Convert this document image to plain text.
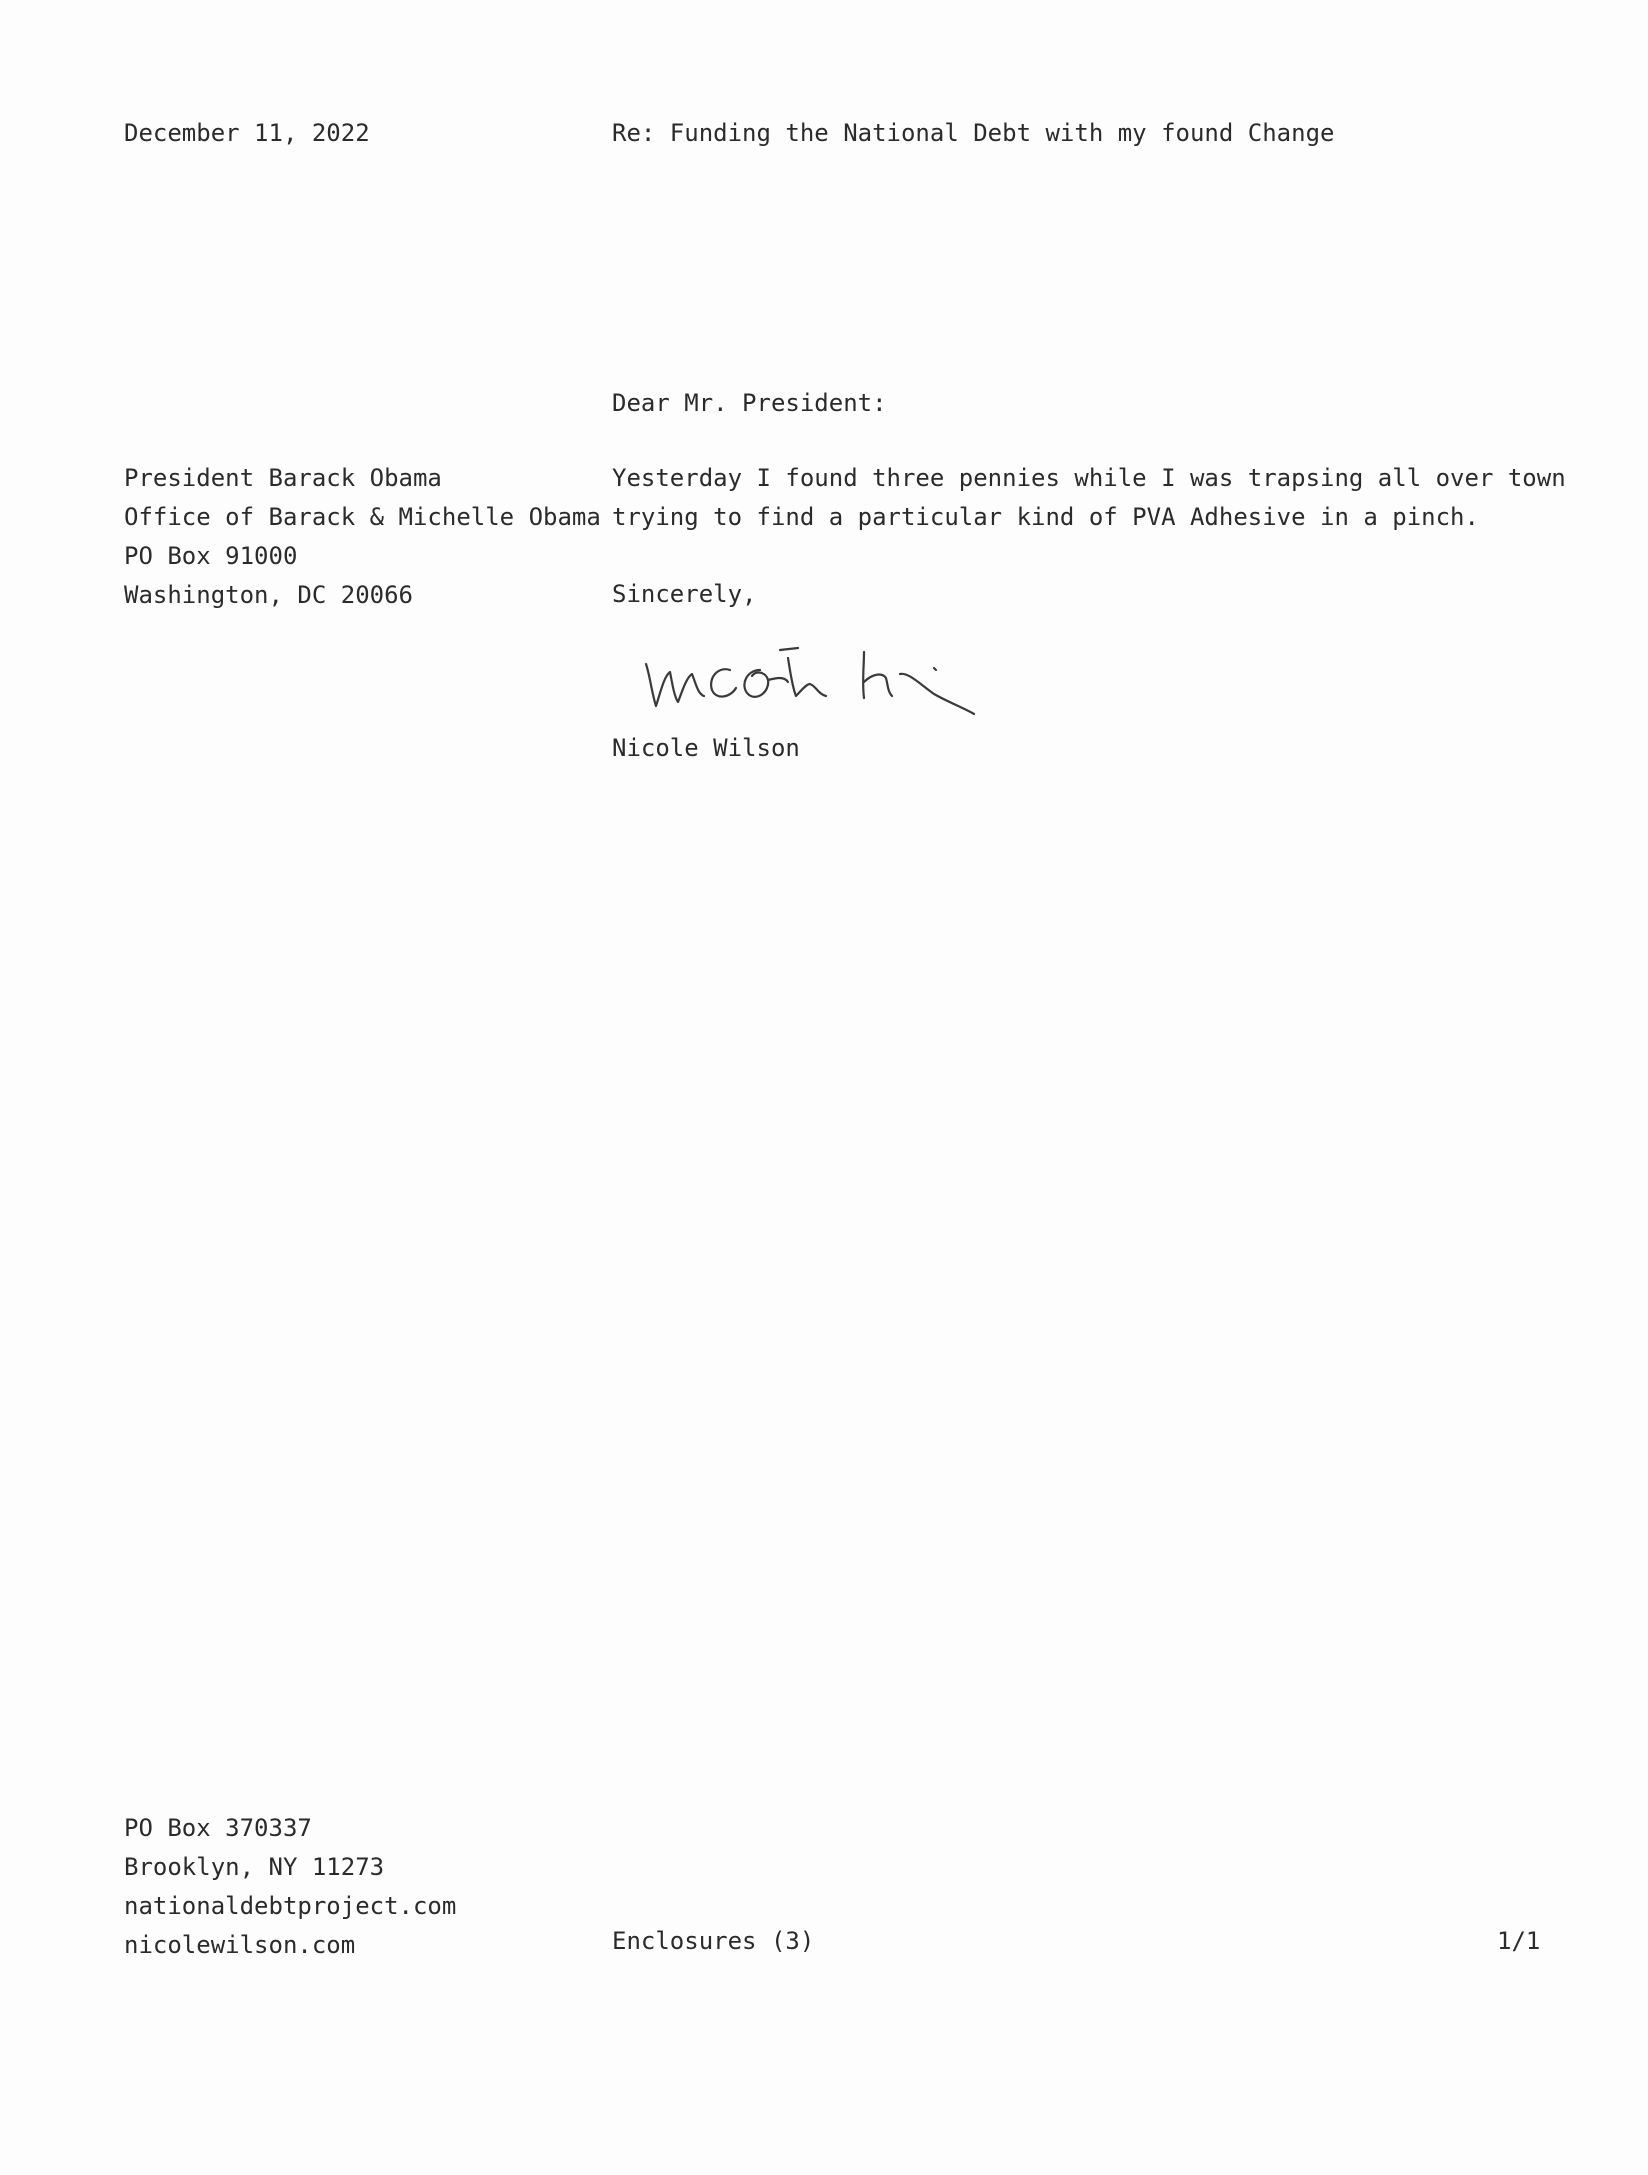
December 11, 2022	Re: Funding the National Debt with my found Change
Dear Mr. President:
President Barack Obama
Office of Barack & Michelle Obama
PO Box 91000
Washington, DC 20066
Yesterday I found three pennies while I was trapsing all over town
trying to find a particular kind of PVA Adhesive in a pinch.
Sincerely,
Nicole Wilson
PO Box 370337
Brooklyn, NY 11273
nationaldebtproject.com
nicolewilson.com	Enclosures (3)	1/1
